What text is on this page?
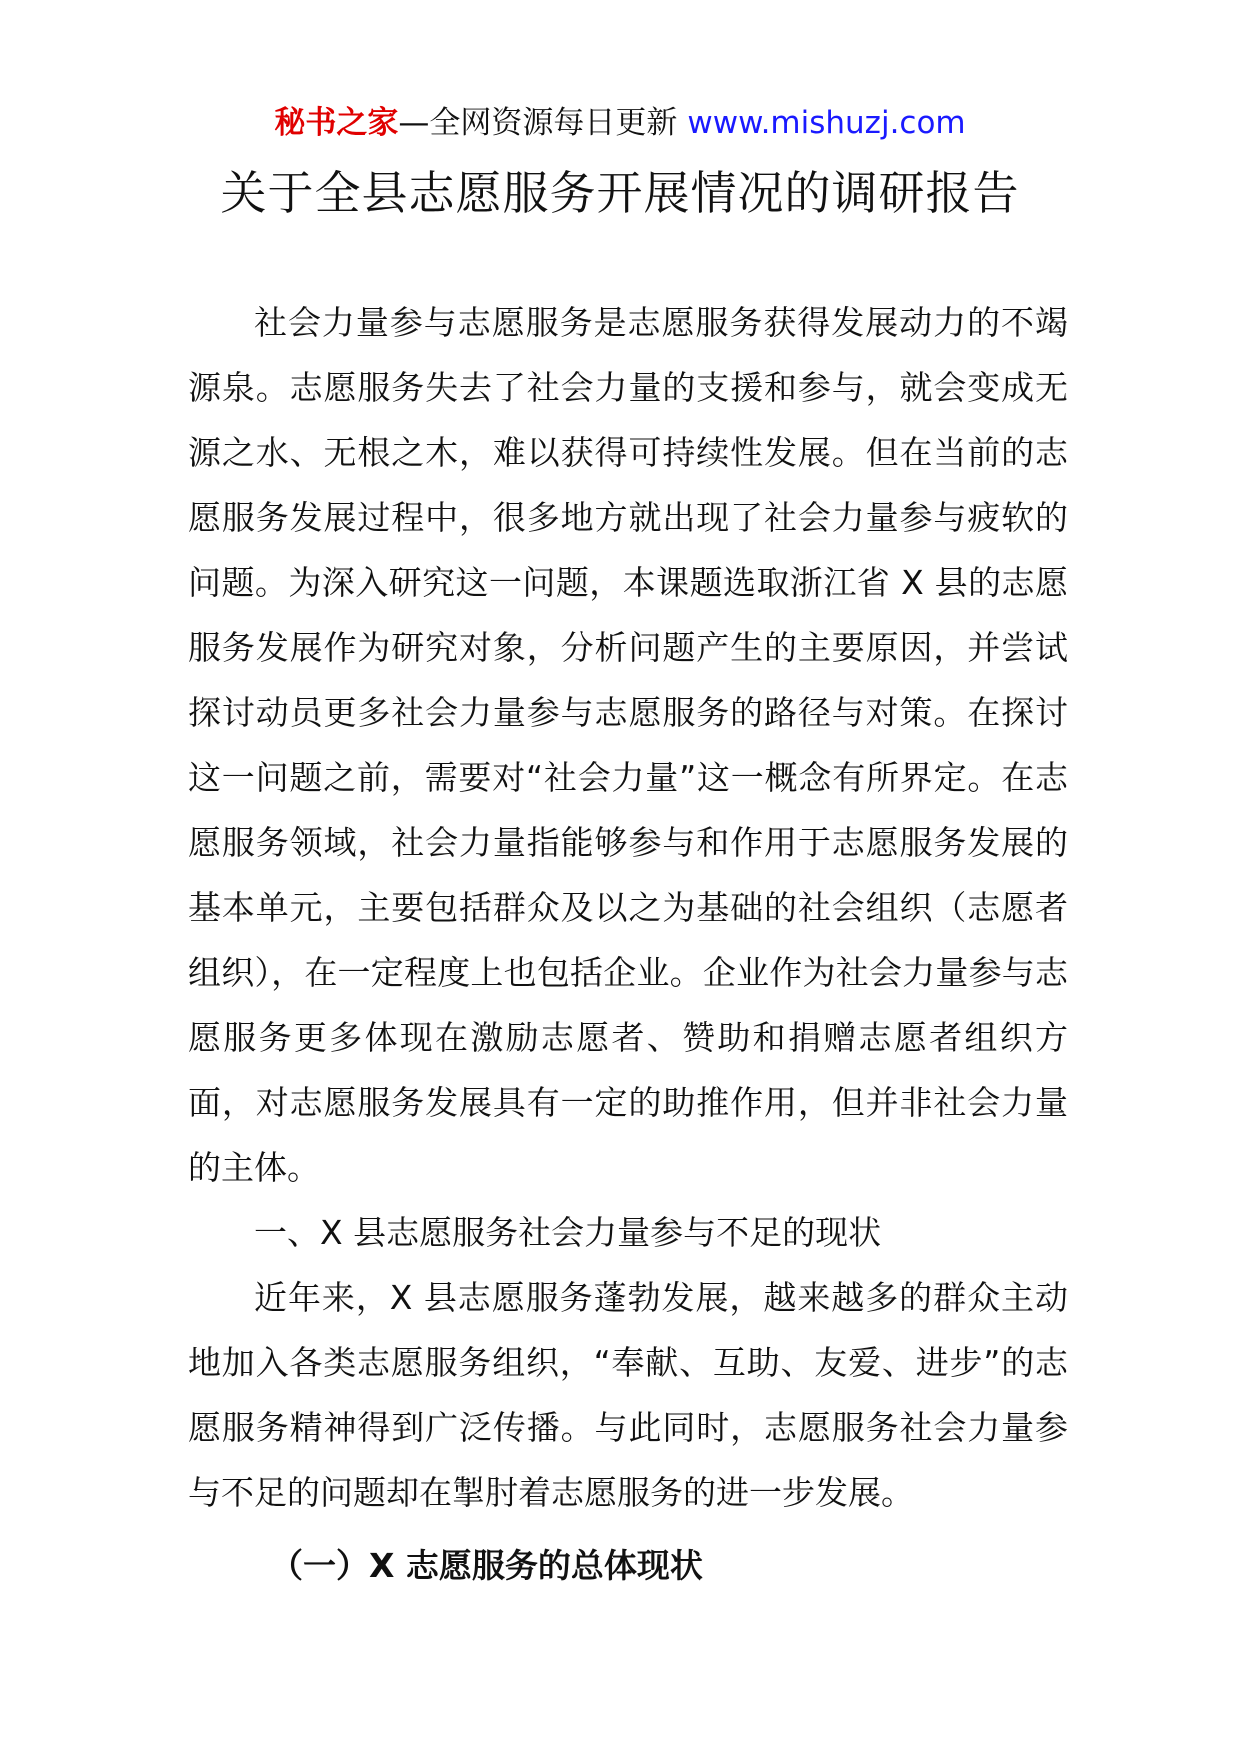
秘书之家—全网资源每日更新 www.mishuzj.com
关于全县志愿服务开展情况的调研报告

社会力量参与志愿服务是志愿服务获得发展动力的不竭源泉。志愿服务失去了社会力量的支援和参与，就会变成无源之水、无根之木，难以获得可持续性发展。但在当前的志愿服务发展过程中，很多地方就出现了社会力量参与疲软的问题。为深入研究这一问题，本课题选取浙江省 X 县的志愿服务发展作为研究对象，分析问题产生的主要原因，并尝试探讨动员更多社会力量参与志愿服务的路径与对策。在探讨这一问题之前，需要对“社会力量”这一概念有所界定。在志愿服务领域，社会力量指能够参与和作用于志愿服务发展的基本单元，主要包括群众及以之为基础的社会组织（志愿者组织），在一定程度上也包括企业。企业作为社会力量参与志愿服务更多体现在激励志愿者、赞助和捐赠志愿者组织方面，对志愿服务发展具有一定的助推作用，但并非社会力量的主体。

一、X 县志愿服务社会力量参与不足的现状

近年来，X 县志愿服务蓬勃发展，越来越多的群众主动地加入各类志愿服务组织，“奉献、互助、友爱、进步”的志愿服务精神得到广泛传播。与此同时，志愿服务社会力量参与不足的问题却在掣肘着志愿服务的进一步发展。

（一）X 志愿服务的总体现状
